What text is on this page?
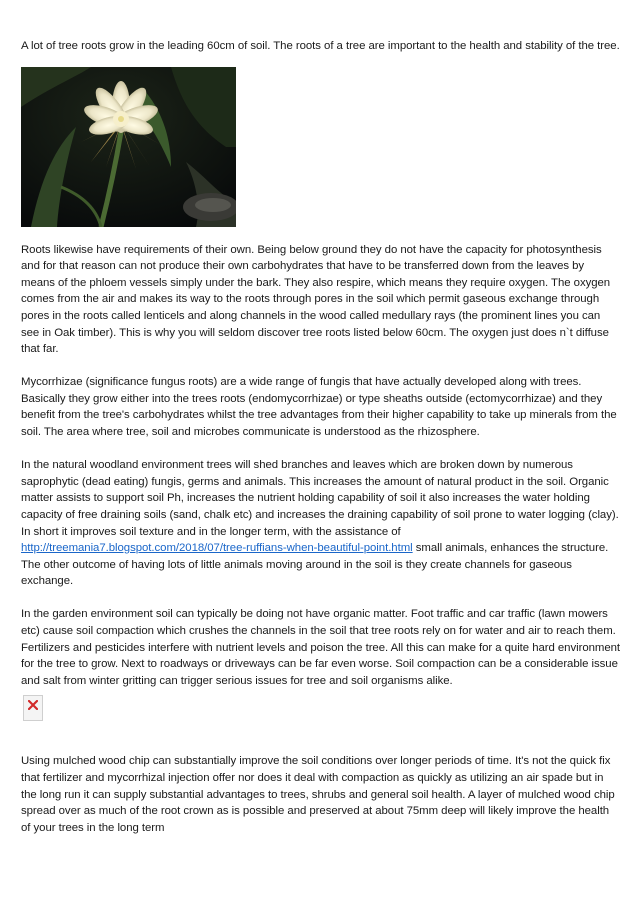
A lot of tree roots grow in the leading 60cm of soil. The roots of a tree are important to the health and stability of the tree.

Roots likewise have requirements of their own. Being below ground they do not have the capacity for photosynthesis and for that reason can not produce their own carbohydrates that have to be transferred down from the leaves by means of the phloem vessels simply under the bark. They also respire, which means they require oxygen. The oxygen comes from the air and makes its way to the roots through pores in the soil which permit gaseous exchange through pores in the roots called lenticels and along channels in the wood called medullary rays (the prominent lines you can see in Oak timber). This is why you will seldom discover tree roots listed below 60cm. The oxygen just does n`t diffuse that far.

Mycorrhizae (significance fungus roots) are a wide range of fungis that have actually developed along with trees. Basically they grow either into the trees roots (endomycorrhizae) or type sheaths outside (ectomycorrhizae) and they benefit from the tree's carbohydrates whilst the tree advantages from their higher capability to take up minerals from the soil. The area where tree, soil and microbes communicate is understood as the rhizosphere.

In the natural woodland environment trees will shed branches and leaves which are broken down by numerous saprophytic (dead eating) fungis, germs and animals. This increases the amount of natural product in the soil. Organic matter assists to support soil Ph, increases the nutrient holding capability of soil it also increases the water holding capacity of free draining soils (sand, chalk etc) and increases the draining capability of soil prone to water logging (clay). In short it improves soil texture and in the longer term, with the assistance of http://treemania7.blogspot.com/2018/07/tree-ruffians-when-beautiful-point.html small animals, enhances the structure. The other outcome of having lots of little animals moving around in the soil is they create channels for gaseous exchange.

In the garden environment soil can typically be doing not have organic matter. Foot traffic and car traffic (lawn mowers etc) cause soil compaction which crushes the channels in the soil that tree roots rely on for water and air to reach them. Fertilizers and pesticides interfere with nutrient levels and poison the tree. All this can make for a quite hard environment for the tree to grow. Next to roadways or driveways can be far even worse. Soil compaction can be a considerable issue and salt from winter gritting can trigger serious issues for tree and soil organisms alike.

Using mulched wood chip can substantially improve the soil conditions over longer periods of time. It's not the quick fix that fertilizer and mycorrhizal injection offer nor does it deal with compaction as quickly as utilizing an air spade but in the long run it can supply substantial advantages to trees, shrubs and general soil health. A layer of mulched wood chip spread over as much of the root crown as is possible and preserved at about 75mm deep will likely improve the health of your trees in the long term
